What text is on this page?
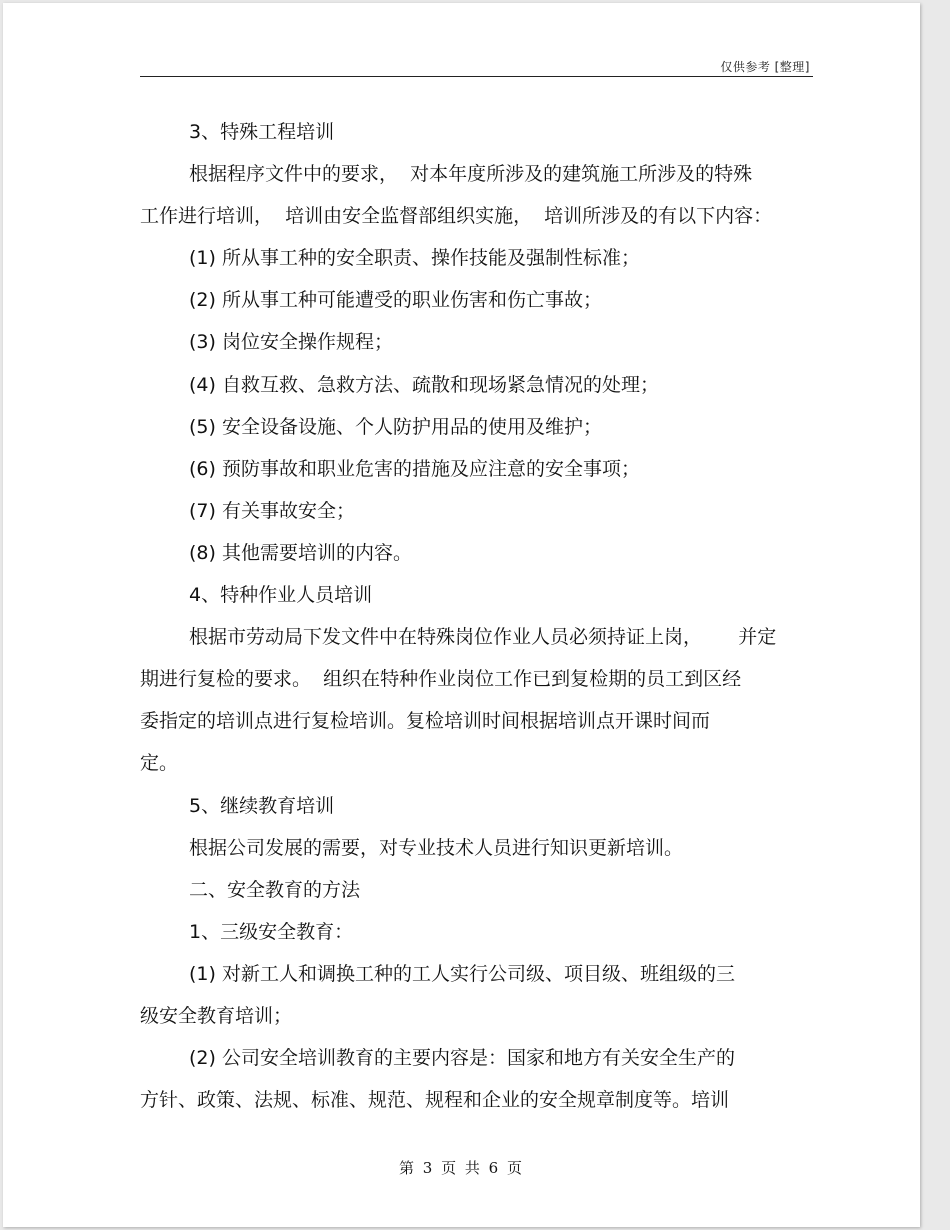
仅供参考 [整理]
3、特殊工程培训
根据程序文件中的要求，  对本年度所涉及的建筑施工所涉及的特殊
工作进行培训，  培训由安全监督部组织实施，  培训所涉及的有以下内容：
(1) 所从事工种的安全职责、操作技能及强制性标准；
(2) 所从事工种可能遭受的职业伤害和伤亡事故；
(3) 岗位安全操作规程；
(4) 自救互救、急救方法、疏散和现场紧急情况的处理；
(5) 安全设备设施、个人防护用品的使用及维护；
(6) 预防事故和职业危害的措施及应注意的安全事项；
(7) 有关事故安全；
(8) 其他需要培训的内容。
4、特种作业人员培训
根据市劳动局下发文件中在特殊岗位作业人员必须持证上岗，      并定
期进行复检的要求。  组织在特种作业岗位工作已到复检期的员工到区经
委指定的培训点进行复检培训。复检培训时间根据培训点开课时间而
定。
5、继续教育培训
根据公司发展的需要，对专业技术人员进行知识更新培训。
二、安全教育的方法
1、三级安全教育：
(1) 对新工人和调换工种的工人实行公司级、项目级、班组级的三
级安全教育培训；
(2) 公司安全培训教育的主要内容是：国家和地方有关安全生产的
方针、政策、法规、标准、规范、规程和企业的安全规章制度等。培训
第 3 页 共 6 页
